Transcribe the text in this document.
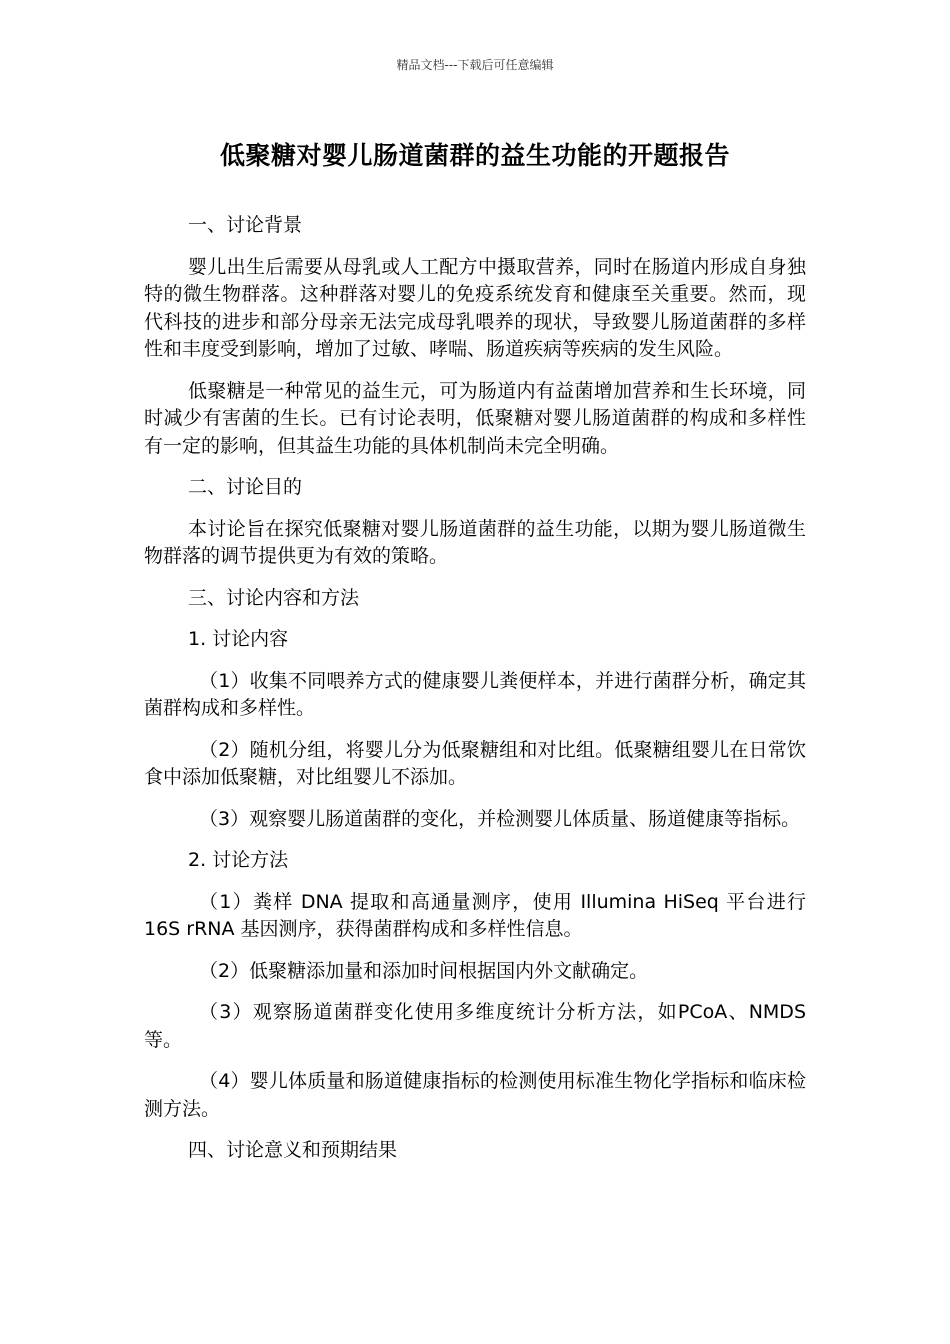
精品文档---下载后可任意编辑
低聚糖对婴儿肠道菌群的益生功能的开题报告

一、讨论背景

婴儿出生后需要从母乳或人工配方中摄取营养，同时在肠道内形成自身独特的微生物群落。这种群落对婴儿的免疫系统发育和健康至关重要。然而，现代科技的进步和部分母亲无法完成母乳喂养的现状，导致婴儿肠道菌群的多样性和丰度受到影响，增加了过敏、哮喘、肠道疾病等疾病的发生风险。

低聚糖是一种常见的益生元，可为肠道内有益菌增加营养和生长环境，同时减少有害菌的生长。已有讨论表明，低聚糖对婴儿肠道菌群的构成和多样性有一定的影响，但其益生功能的具体机制尚未完全明确。

二、讨论目的

本讨论旨在探究低聚糖对婴儿肠道菌群的益生功能，以期为婴儿肠道微生物群落的调节提供更为有效的策略。

三、讨论内容和方法

1. 讨论内容

（1）收集不同喂养方式的健康婴儿粪便样本，并进行菌群分析，确定其菌群构成和多样性。

（2）随机分组，将婴儿分为低聚糖组和对比组。低聚糖组婴儿在日常饮食中添加低聚糖，对比组婴儿不添加。

（3）观察婴儿肠道菌群的变化，并检测婴儿体质量、肠道健康等指标。

2. 讨论方法

（1）粪样 DNA 提取和高通量测序，使用 Illumina HiSeq 平台进行 16S rRNA 基因测序，获得菌群构成和多样性信息。

（2）低聚糖添加量和添加时间根据国内外文献确定。

（3）观察肠道菌群变化使用多维度统计分析方法，如PCoA、NMDS 等。

（4）婴儿体质量和肠道健康指标的检测使用标准生物化学指标和临床检测方法。

四、讨论意义和预期结果
